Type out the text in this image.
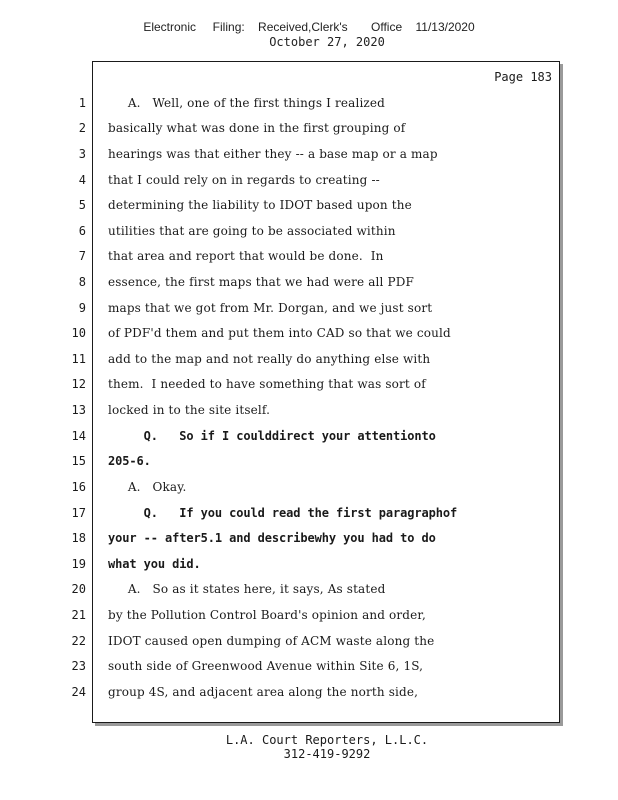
Electronic     Filing:    Received,Clerk's       Office    11/13/2020
October 27, 2020
Page 183
1 A.   Well, one of the first things I realized
2 basically what was done in the first grouping of
3 hearings was that either they -- a base map or a map
4 that I could rely on in regards to creating --
5 determining the liability to IDOT based upon the
6 utilities that are going to be associated within
7 that area and report that would be done.  In
8 essence, the first maps that we had were all PDF
9 maps that we got from Mr. Dorgan, and we just sort
10 of PDF'd them and put them into CAD so that we could
11 add to the map and not really do anything else with
12 them.  I needed to have something that was sort of
13 locked in to the site itself.
14 Q.   So if I coulddirect your attentionto
15 205-6.
16 A.   Okay.
17 Q.   If you could read the first paragraphof
18 your -- after5.1 and describewhy you had to do
19 what you did.
20 A.   So as it states here, it says, As stated
21 by the Pollution Control Board's opinion and order,
22 IDOT caused open dumping of ACM waste along the
23 south side of Greenwood Avenue within Site 6, 1S,
24 group 4S, and adjacent area along the north side,
L.A. Court Reporters, L.L.C.
312-419-9292
